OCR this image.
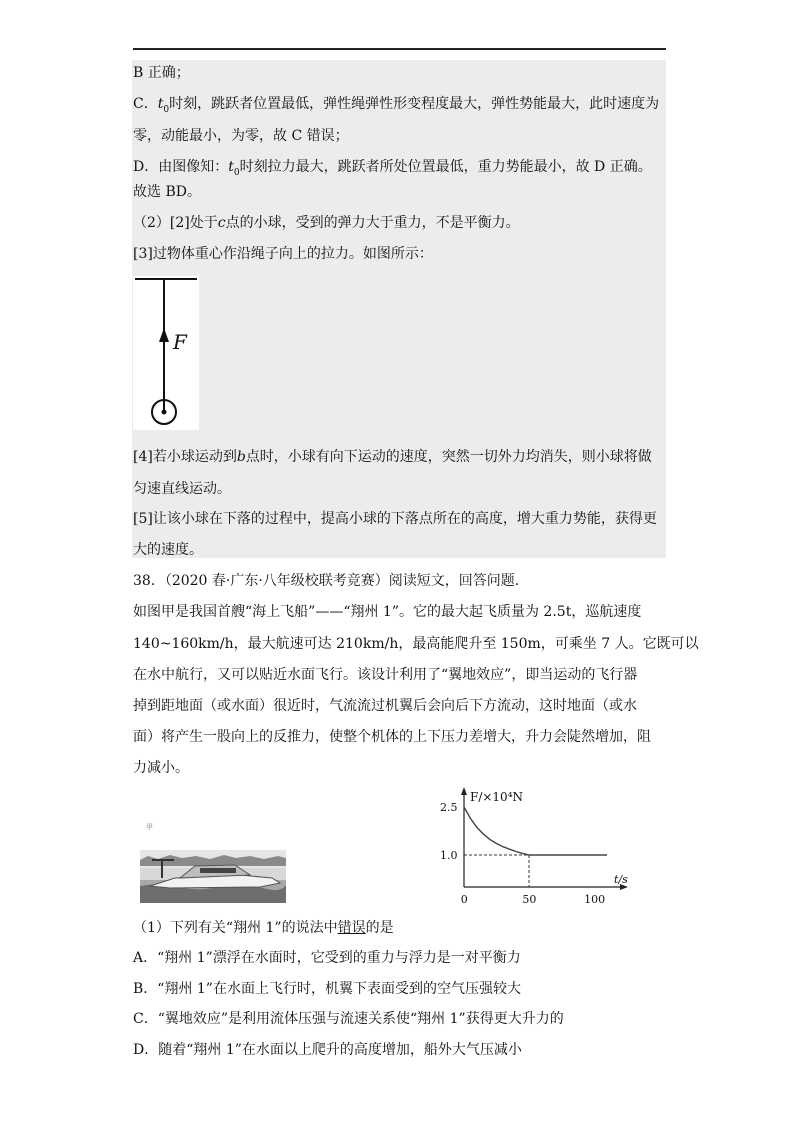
B 正确；
C．$t_0$时刻，跳跃者位置最低，弹性绳弹性形变程度最大，弹性势能最大，此时速度为
零，动能最小，为零，故 C 错误；
D．由图像知：$t_0$时刻拉力最大，跳跃者所处位置最低，重力势能最小，故 D 正确。
故选 BD。
（2）[2]处于c点的小球，受到的弹力大于重力，不是平衡力。
[3]过物体重心作沿绳子向上的拉力。如图所示：
F
[4]若小球运动到b点时，小球有向下运动的速度，突然一切外力均消失，则小球将做
匀速直线运动。
[5]让该小球在下落的过程中，提高小球的下落点所在的高度，增大重力势能，获得更
大的速度。
38．（2020 春·广东·八年级校联考竞赛）阅读短文，回答问题.
如图甲是我国首艘“海上飞船”——“翔州 1”。它的最大起飞质量为 2.5t，巡航速度
140~160km/h，最大航速可达 210km/h，最高能爬升至 150m，可乘坐 7 人。它既可以
在水中航行，又可以贴近水面飞行。该设计利用了“翼地效应”，即当运动的飞行器
掉到距地面（或水面）很近时，气流流过机翼后会向后下方流动，这时地面（或水
面）将产生一股向上的反推力，使整个机体的上下压力差增大，升力会陡然增加，阻
力减小。
甲
F/×10⁴N
t/s
1.0
2.5
0	50	100
（1）下列有关“翔州 1”的说法中错误的是
A．“翔州 1”漂浮在水面时，它受到的重力与浮力是一对平衡力
B．“翔州 1”在水面上飞行时，机翼下表面受到的空气压强较大
C．“翼地效应”是利用流体压强与流速关系使“翔州 1”获得更大升力的
D．随着“翔州 1”在水面以上爬升的高度增加，船外大气压减小
